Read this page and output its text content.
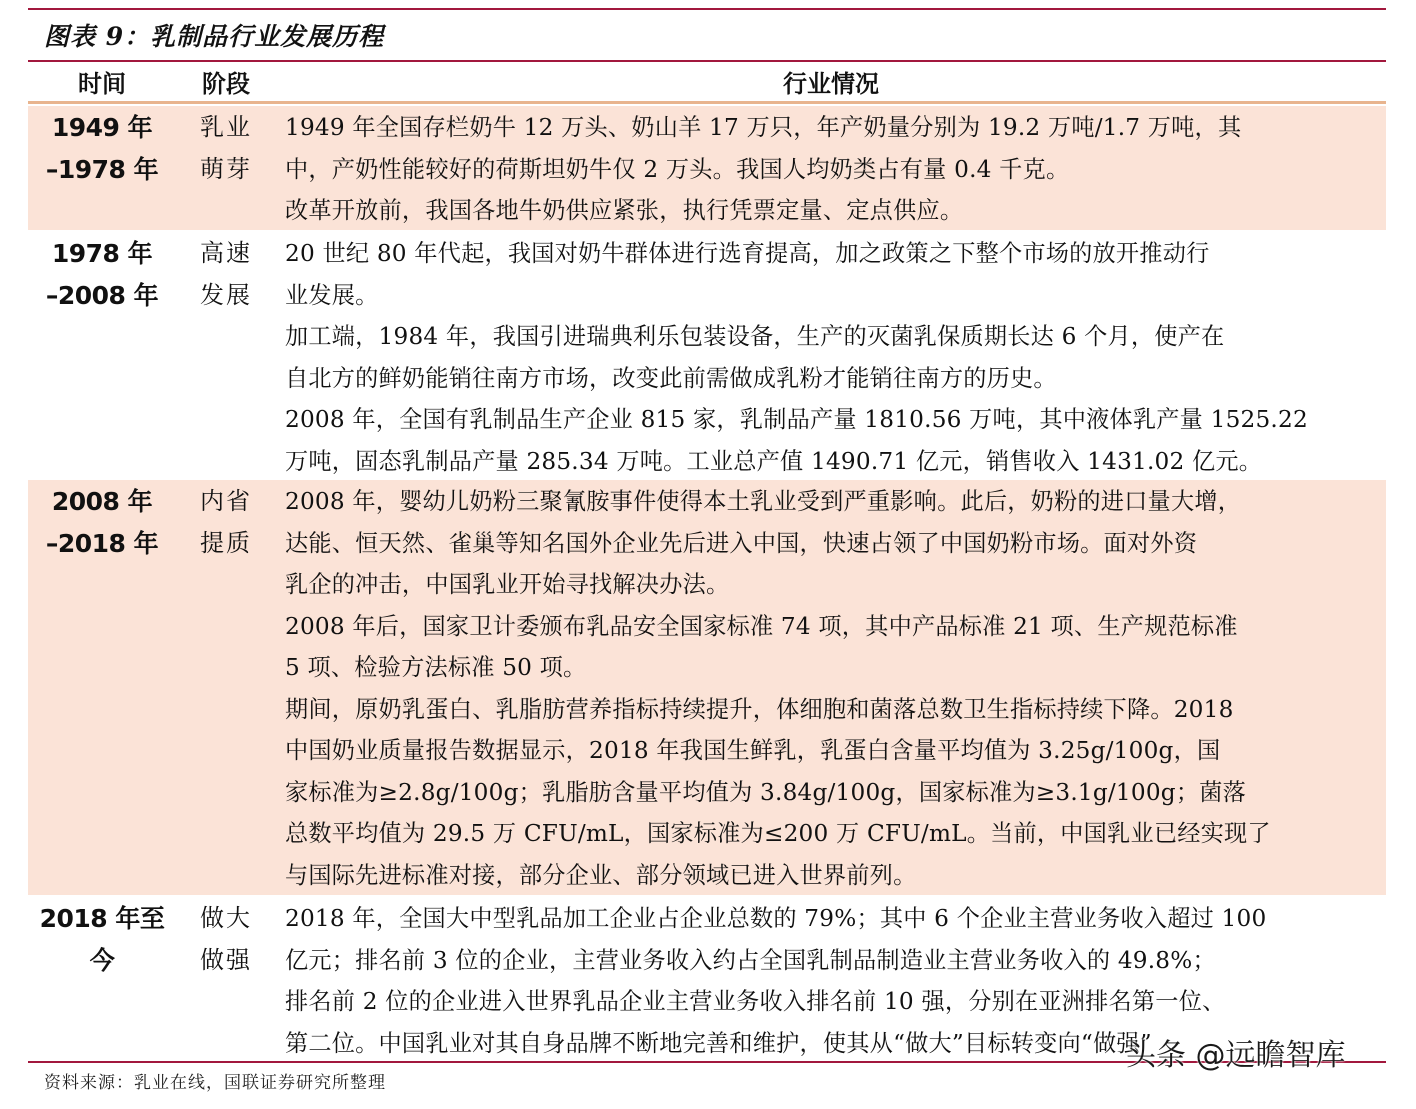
图表 9：乳制品行业发展历程
时间	阶段	行业情况
1949 年
–1978 年
乳业
萌芽
1949 年全国存栏奶牛 12 万头、奶山羊 17 万只，年产奶量分别为 19.2 万吨/1.7 万吨，其
中，产奶性能较好的荷斯坦奶牛仅 2 万头。我国人均奶类占有量 0.4 千克。
改革开放前，我国各地牛奶供应紧张，执行凭票定量、定点供应。
1978 年
–2008 年
高速
发展
20 世纪 80 年代起，我国对奶牛群体进行选育提高，加之政策之下整个市场的放开推动行
业发展。
加工端，1984 年，我国引进瑞典利乐包装设备，生产的灭菌乳保质期长达 6 个月，使产在
自北方的鲜奶能销往南方市场，改变此前需做成乳粉才能销往南方的历史。
2008 年，全国有乳制品生产企业 815 家，乳制品产量 1810.56 万吨，其中液体乳产量 1525.22
万吨，固态乳制品产量 285.34 万吨。工业总产值 1490.71 亿元，销售收入 1431.02 亿元。
2008 年
–2018 年
内省
提质
2008 年，婴幼儿奶粉三聚氰胺事件使得本土乳业受到严重影响。此后，奶粉的进口量大增，
达能、恒天然、雀巢等知名国外企业先后进入中国，快速占领了中国奶粉市场。面对外资
乳企的冲击，中国乳业开始寻找解决办法。
2008 年后，国家卫计委颁布乳品安全国家标准 74 项，其中产品标准 21 项、生产规范标准
5 项、检验方法标准 50 项。
期间，原奶乳蛋白、乳脂肪营养指标持续提升，体细胞和菌落总数卫生指标持续下降。2018
中国奶业质量报告数据显示，2018 年我国生鲜乳，乳蛋白含量平均值为 3.25g/100g，国
家标准为≥2.8g/100g；乳脂肪含量平均值为 3.84g/100g，国家标准为≥3.1g/100g；菌落
总数平均值为 29.5 万 CFU/mL，国家标准为≤200 万 CFU/mL。当前，中国乳业已经实现了
与国际先进标准对接，部分企业、部分领域已进入世界前列。
2018 年至
今
做大
做强
2018 年，全国大中型乳品加工企业占企业总数的 79%；其中 6 个企业主营业务收入超过 100
亿元；排名前 3 位的企业，主营业务收入约占全国乳制品制造业主营业务收入的 49.8%；
排名前 2 位的企业进入世界乳品企业主营业务收入排名前 10 强，分别在亚洲排名第一位、
第二位。中国乳业对其自身品牌不断地完善和维护，使其从“做大”目标转变向“做强”
资料来源：乳业在线，国联证券研究所整理
头条 @远瞻智库
